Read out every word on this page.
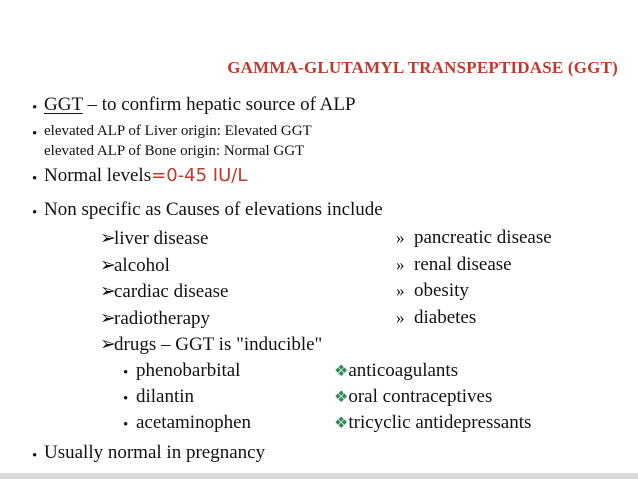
GAMMA-GLUTAMYL TRANSPEPTIDASE (GGT)
• GGT – to confirm hepatic source of ALP
• elevated ALP of Liver origin: Elevated GGT
elevated ALP of Bone origin: Normal GGT
• Normal levels=0-45 IU/L
• Non specific as Causes of elevations include
➢liver disease
➢alcohol
➢cardiac disease
➢radiotherapy
» pancreatic disease
» renal disease
» obesity
» diabetes
➢drugs – GGT is "inducible"
• phenobarbital
• dilantin
• acetaminophen
❖anticoagulants
❖oral contraceptives
❖tricyclic antidepressants
• Usually normal in pregnancy
